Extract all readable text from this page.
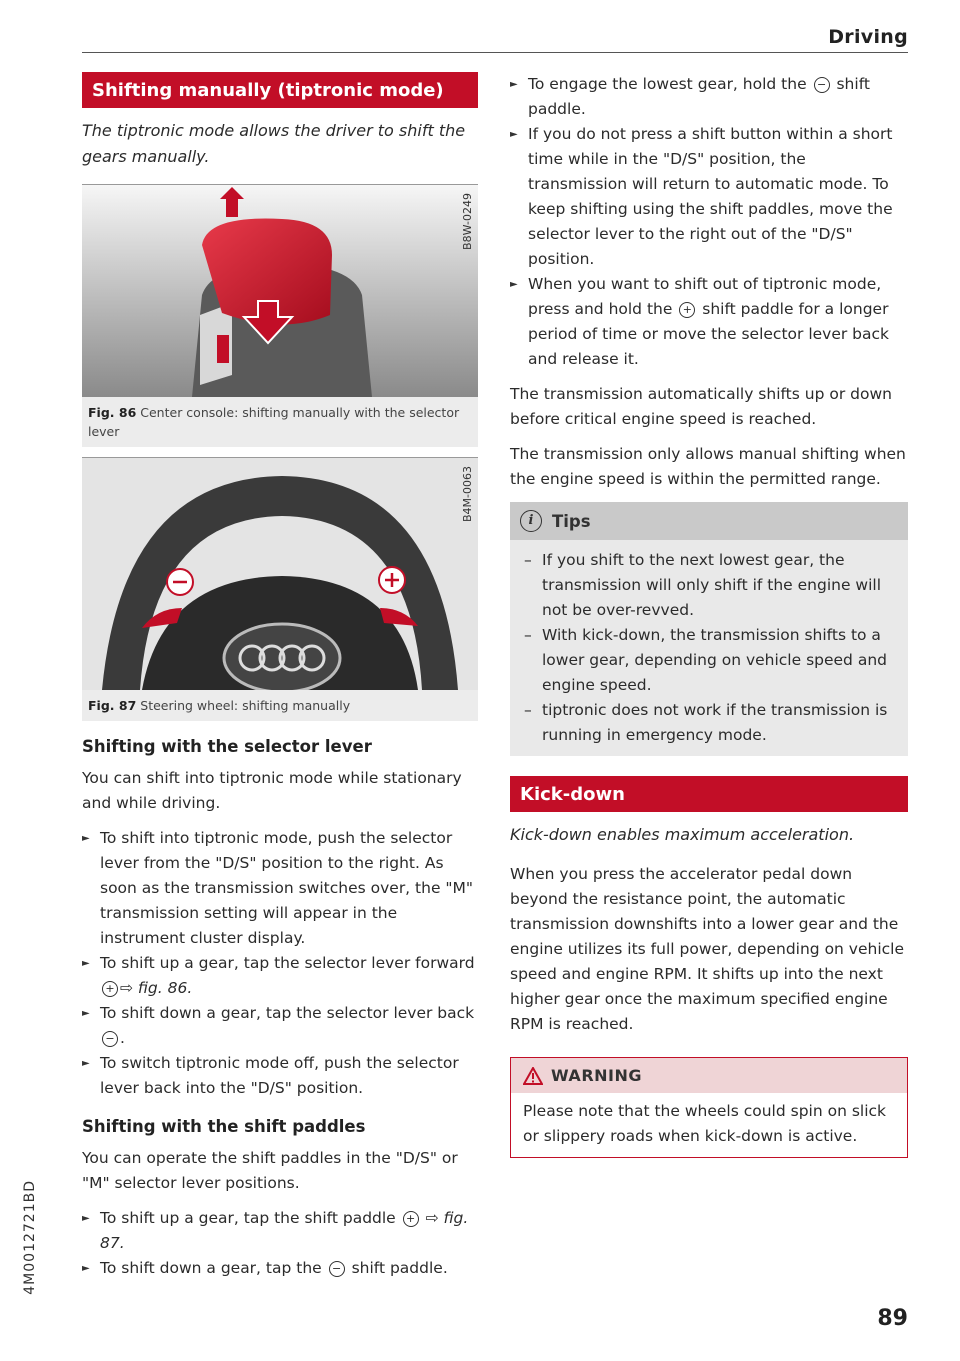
Driving
Shifting manually (tiptronic mode)
The tiptronic mode allows the driver to shift the gears manually.
B8W-0249
Fig. 86 Center console: shifting manually with the selector lever
B4M-0063
Fig. 87 Steering wheel: shifting manually
Shifting with the selector lever

You can shift into tiptronic mode while stationary and while driving.

► To shift into tiptronic mode, push the selector lever from the "D/S" position to the right. As soon as the transmission switches over, the "M" transmission setting will appear in the instrument cluster display.

► To shift up a gear, tap the selector lever forward + ⇨ fig. 86.

► To shift down a gear, tap the selector lever back − .

► To switch tiptronic mode off, push the selector lever back into the "D/S" position.

Shifting with the shift paddles

You can operate the shift paddles in the "D/S" or "M" selector lever positions.

► To shift up a gear, tap the shift paddle + ⇨ fig. 87.

► To shift down a gear, tap the − shift paddle.

► To engage the lowest gear, hold the − shift paddle.

► If you do not press a shift button within a short time while in the "D/S" position, the transmission will return to automatic mode. To keep shifting using the shift paddles, move the selector lever to the right out of the "D/S" position.

► When you want to shift out of tiptronic mode, press and hold the + shift paddle for a longer period of time or move the selector lever back and release it.

The transmission automatically shifts up or down before critical engine speed is reached.

The transmission only allows manual shifting when the engine speed is within the permitted range.

i	Tips
– If you shift to the next lowest gear, the transmission will only shift if the engine will not be over-revved.
– With kick-down, the transmission shifts to a lower gear, depending on vehicle speed and engine speed.
– tiptronic does not work if the transmission is running in emergency mode.
Kick-down
Kick-down enables maximum acceleration.

When you press the accelerator pedal down beyond the resistance point, the automatic transmission downshifts into a lower gear and the engine utilizes its full power, depending on vehicle speed and engine RPM. It shifts up into the next higher gear once the maximum specified engine RPM is reached.

WARNING
Please note that the wheels could spin on slick or slippery roads when kick-down is active.
89
4M0012721BD
